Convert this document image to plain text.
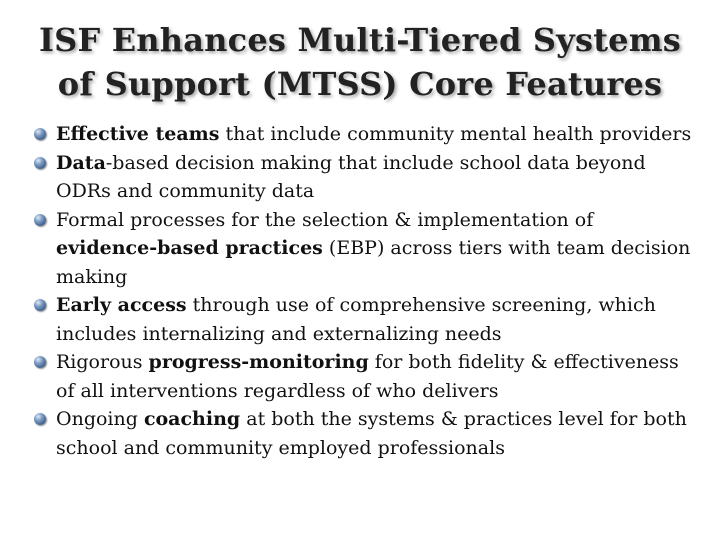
ISF Enhances Multi-Tiered Systems
of Support (MTSS) Core Features
Effective teams that include community mental health providers
Data-based decision making that include school data beyond ODRs and community data
Formal processes for the selection & implementation of evidence-based practices (EBP) across tiers with team decision making
Early access through use of comprehensive screening, which includes internalizing and externalizing needs
Rigorous progress-monitoring for both fidelity & effectiveness of all interventions regardless of who delivers
Ongoing coaching at both the systems & practices level for both school and community employed professionals
